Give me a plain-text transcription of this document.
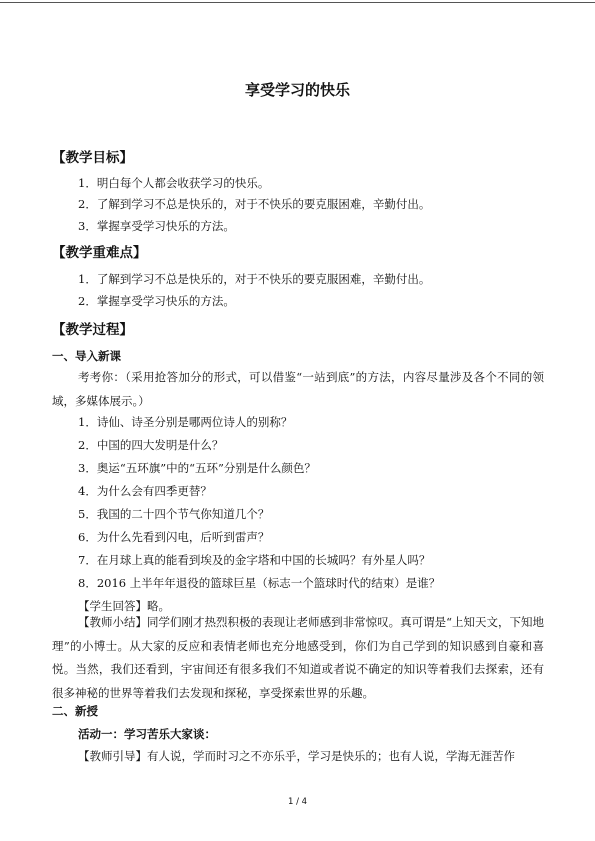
享受学习的快乐
【教学目标】
1．明白每个人都会收获学习的快乐。
2．了解到学习不总是快乐的，对于不快乐的要克服困难，辛勤付出。
3．掌握享受学习快乐的方法。
【教学重难点】
1．了解到学习不总是快乐的，对于不快乐的要克服困难，辛勤付出。
2．掌握享受学习快乐的方法。
【教学过程】
一、导入新课
考考你：（采用抢答加分的形式，可以借鉴“一站到底”的方法，内容尽量涉及各个不同的领域，多媒体展示。）
1．诗仙、诗圣分别是哪两位诗人的别称？
2．中国的四大发明是什么？
3．奥运“五环旗”中的“五环”分别是什么颜色？
4．为什么会有四季更替？
5．我国的二十四个节气你知道几个？
6．为什么先看到闪电，后听到雷声？
7．在月球上真的能看到埃及的金字塔和中国的长城吗？有外星人吗？
8．2016 上半年年退役的篮球巨星（标志一个篮球时代的结束）是谁？
【学生回答】略。
【教师小结】同学们刚才热烈积极的表现让老师感到非常惊叹。真可谓是“上知天文，下知地理”的小博士。从大家的反应和表情老师也充分地感受到，你们为自己学到的知识感到自豪和喜悦。当然，我们还看到，宇宙间还有很多我们不知道或者说不确定的知识等着我们去探索，还有很多神秘的世界等着我们去发现和探秘，享受探索世界的乐趣。
二、新授
活动一：学习苦乐大家谈：
【教师引导】有人说，学而时习之不亦乐乎，学习是快乐的；也有人说，学海无涯苦作
1 / 4
